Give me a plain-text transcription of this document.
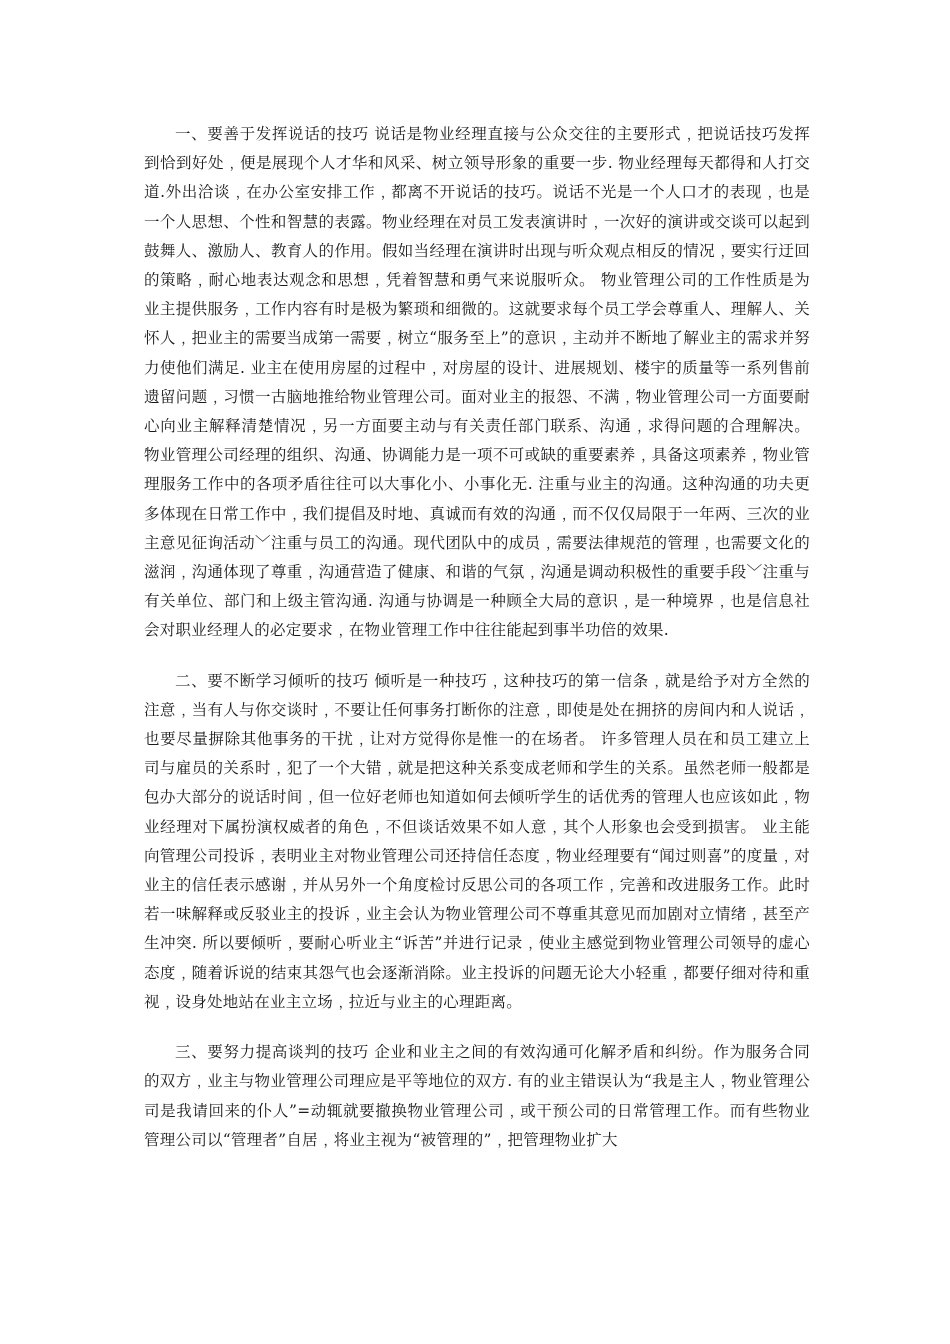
一、要善于发挥说话的技巧 说话是物业经理直接与公众交往的主要形式﹐把说话技巧发挥到恰到好处﹐便是展现个人才华和风采、树立领导形象的重要一步. 物业经理每天都得和人打交道.外出洽谈﹐在办公室安排工作﹐都离不开说话的技巧。说话不光是一个人口才的表现﹐也是一个人思想、个性和智慧的表露。物业经理在对员工发表演讲时﹐一次好的演讲或交谈可以起到鼓舞人、激励人、教育人的作用。假如当经理在演讲时出现与听众观点相反的情况﹐要实行迂回的策略﹐耐心地表达观念和思想﹐凭着智慧和勇气来说服听众。 物业管理公司的工作性质是为业主提供服务﹐工作内容有时是极为繁琐和细微的。这就要求每个员工学会尊重人、理解人、关怀人﹐把业主的需要当成第一需要﹐树立“服务至上”的意识﹐主动并不断地了解业主的需求并努力使他们满足. 业主在使用房屋的过程中﹐对房屋的设计、进展规划、楼宇的质量等一系列售前遗留问题﹐习惯一古脑地推给物业管理公司。面对业主的报怨、不满﹐物业管理公司一方面要耐心向业主解释清楚情况﹐另一方面要主动与有关责任部门联系、沟通﹐求得问题的合理解决。 物业管理公司经理的组织、沟通、协调能力是一项不可或缺的重要素养﹐具备这项素养﹐物业管理服务工作中的各项矛盾往往可以大事化小、小事化无. 注重与业主的沟通。这种沟通的功夫更多体现在日常工作中﹐我们提倡及时地、真诚而有效的沟通﹐而不仅仅局限于一年两、三次的业主意见征询活动﹀注重与员工的沟通。现代团队中的成员﹐需要法律规范的管理﹐也需要文化的滋润﹐沟通体现了尊重﹐沟通营造了健康、和谐的气氛﹐沟通是调动积极性的重要手段﹀注重与有关单位、部门和上级主管沟通. 沟通与协调是一种顾全大局的意识﹐是一种境界﹐也是信息社会对职业经理人的必定要求﹐在物业管理工作中往往能起到事半功倍的效果.

二、要不断学习倾听的技巧 倾听是一种技巧﹐这种技巧的第一信条﹐就是给予对方全然的注意﹐当有人与你交谈时﹐不要让任何事务打断你的注意﹐即使是处在拥挤的房间内和人说话﹐也要尽量摒除其他事务的干扰﹐让对方觉得你是惟一的在场者。 许多管理人员在和员工建立上司与雇员的关系时﹐犯了一个大错﹐就是把这种关系变成老师和学生的关系。虽然老师一般都是包办大部分的说话时间﹐但一位好老师也知道如何去倾听学生的话优秀的管理人也应该如此﹐物业经理对下属扮演权威者的角色﹐不但谈话效果不如人意﹐其个人形象也会受到损害。 业主能向管理公司投诉﹐表明业主对物业管理公司还持信任态度﹐物业经理要有“闻过则喜”的度量﹐对业主的信任表示感谢﹐并从另外一个角度检讨反思公司的各项工作﹐完善和改进服务工作。此时若一味解释或反驳业主的投诉﹐业主会认为物业管理公司不尊重其意见而加剧对立情绪﹐甚至产生冲突. 所以要倾听﹐要耐心听业主“诉苦”并进行记录﹐使业主感觉到物业管理公司领导的虚心态度﹐随着诉说的结束其怨气也会逐渐消除。业主投诉的问题无论大小轻重﹐都要仔细对待和重视﹐设身处地站在业主立场﹐拉近与业主的心理距离。

三、要努力提高谈判的技巧 企业和业主之间的有效沟通可化解矛盾和纠纷。作为服务合同的双方﹐业主与物业管理公司理应是平等地位的双方. 有的业主错误认为“我是主人﹐物业管理公司是我请回来的仆人”=动辄就要撤换物业管理公司﹐或干预公司的日常管理工作。而有些物业管理公司以“管理者”自居﹐将业主视为“被管理的”﹐把管理物业扩大
